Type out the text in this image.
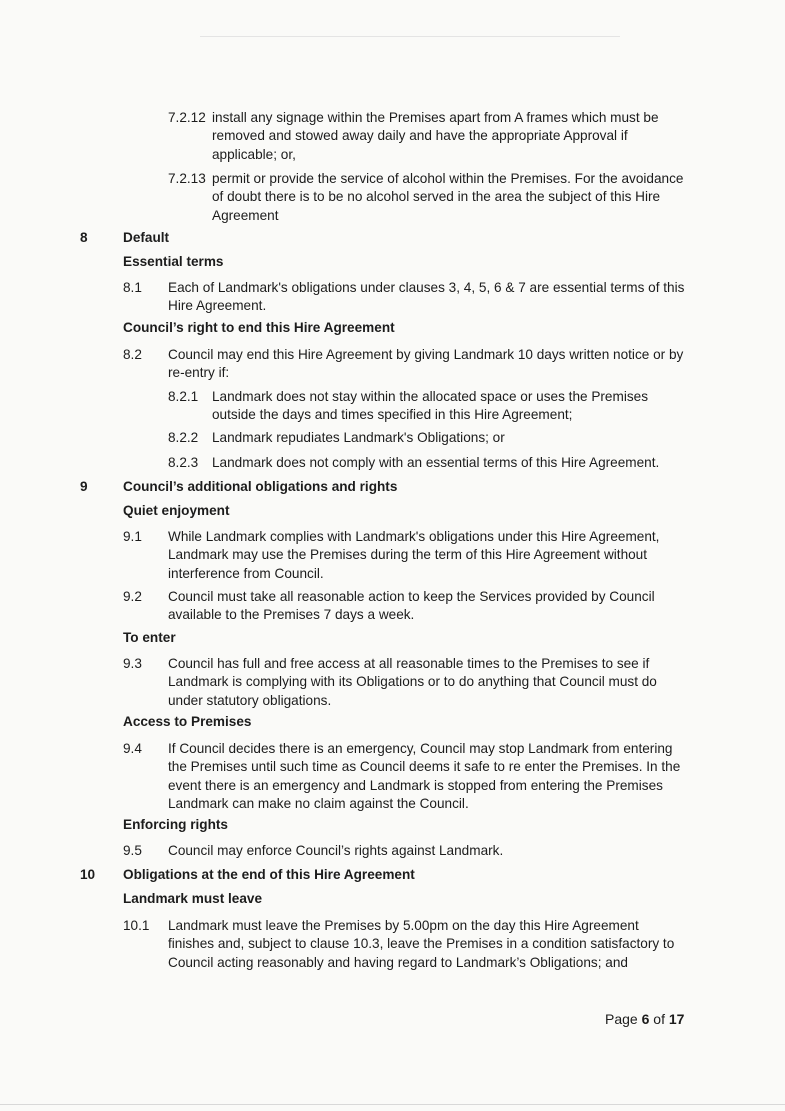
7.2.12 install any signage within the Premises apart from A frames which must be
removed and stowed away daily and have the appropriate Approval if
applicable; or,
7.2.13 permit or provide the service of alcohol within the Premises. For the avoidance
of doubt there is to be no alcohol served in the area the subject of this Hire
Agreement
8	Default
Essential terms
8.1 Each of Landmark's obligations under clauses 3, 4, 5, 6 & 7 are essential terms of this
Hire Agreement.
Council’s right to end this Hire Agreement
8.2 Council may end this Hire Agreement by giving Landmark 10 days written notice or by
re-entry if:
8.2.1 Landmark does not stay within the allocated space or uses the Premises
outside the days and times specified in this Hire Agreement;
8.2.2 Landmark repudiates Landmark's Obligations; or
8.2.3 Landmark does not comply with an essential terms of this Hire Agreement.
9	Council’s additional obligations and rights
Quiet enjoyment
9.1 While Landmark complies with Landmark's obligations under this Hire Agreement,
Landmark may use the Premises during the term of this Hire Agreement without
interference from Council.
9.2 Council must take all reasonable action to keep the Services provided by Council
available to the Premises 7 days a week.
To enter
9.3 Council has full and free access at all reasonable times to the Premises to see if
Landmark is complying with its Obligations or to do anything that Council must do
under statutory obligations.
Access to Premises
9.4 If Council decides there is an emergency, Council may stop Landmark from entering
the Premises until such time as Council deems it safe to re enter the Premises. In the
event there is an emergency and Landmark is stopped from entering the Premises
Landmark can make no claim against the Council.
Enforcing rights
9.5 Council may enforce Council’s rights against Landmark.
10 Obligations at the end of this Hire Agreement
Landmark must leave
10.1 Landmark must leave the Premises by 5.00pm on the day this Hire Agreement
finishes and, subject to clause 10.3, leave the Premises in a condition satisfactory to
Council acting reasonably and having regard to Landmark’s Obligations; and
Page 6 of 17
